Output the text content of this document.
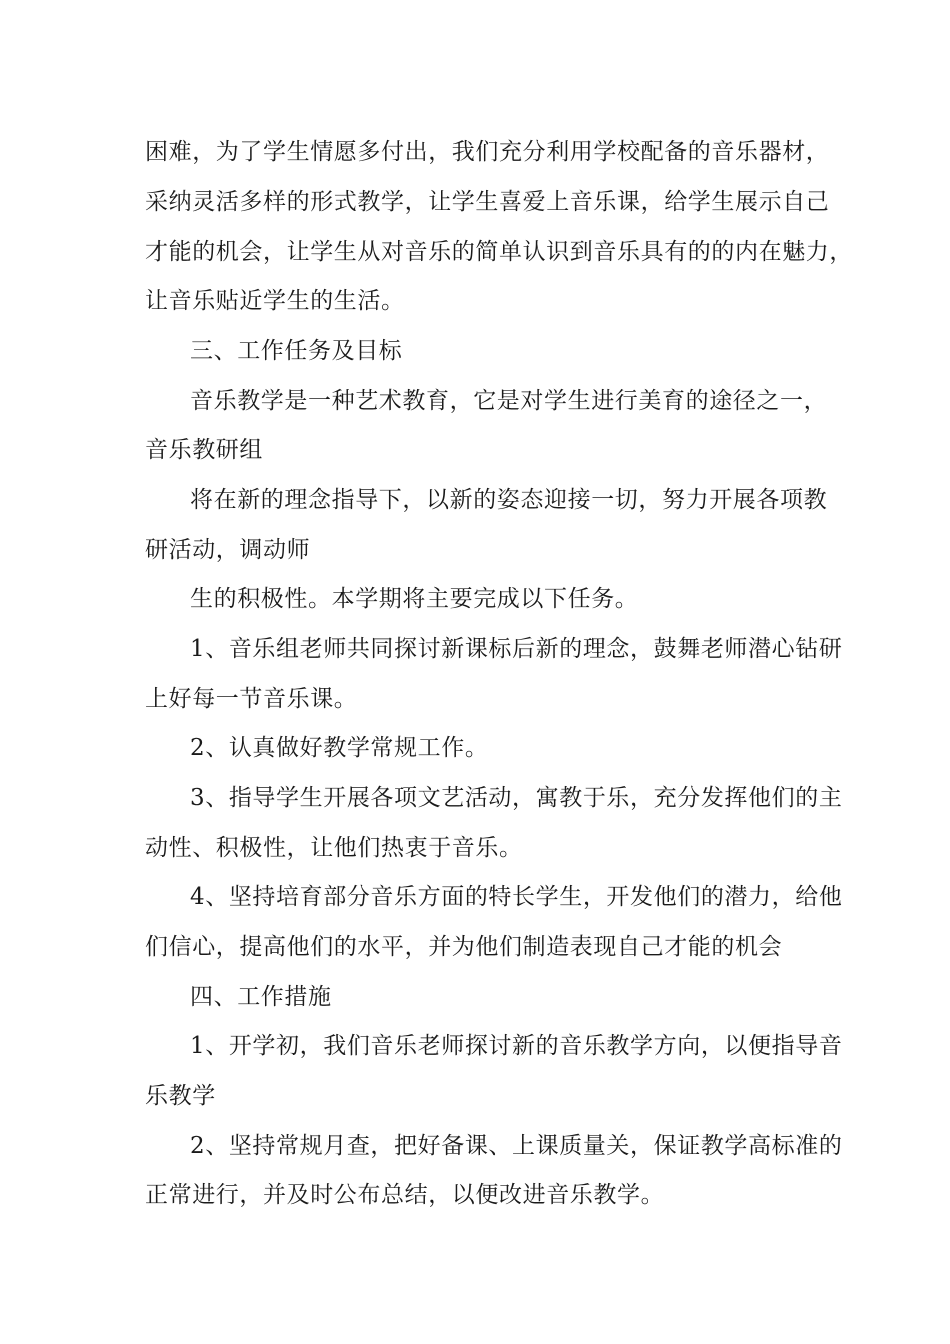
困难，为了学生情愿多付出，我们充分利用学校配备的音乐器材，
采纳灵活多样的形式教学，让学生喜爱上音乐课，给学生展示自己
才能的机会，让学生从对音乐的简单认识到音乐具有的的内在魅力，
让音乐贴近学生的生活。
三、工作任务及目标
音乐教学是一种艺术教育，它是对学生进行美育的途径之一，
音乐教研组
将在新的理念指导下，以新的姿态迎接一切，努力开展各项教
研活动，调动师
生的积极性。本学期将主要完成以下任务。
1、音乐组老师共同探讨新课标后新的理念，鼓舞老师潜心钻研
上好每一节音乐课。
2、认真做好教学常规工作。
3、指导学生开展各项文艺活动，寓教于乐，充分发挥他们的主
动性、积极性，让他们热衷于音乐。
4、坚持培育部分音乐方面的特长学生，开发他们的潜力，给他
们信心，提高他们的水平，并为他们制造表现自己才能的机会
四、工作措施
1、开学初，我们音乐老师探讨新的音乐教学方向，以便指导音
乐教学
2、坚持常规月查，把好备课、上课质量关，保证教学高标准的
正常进行，并及时公布总结，以便改进音乐教学。
